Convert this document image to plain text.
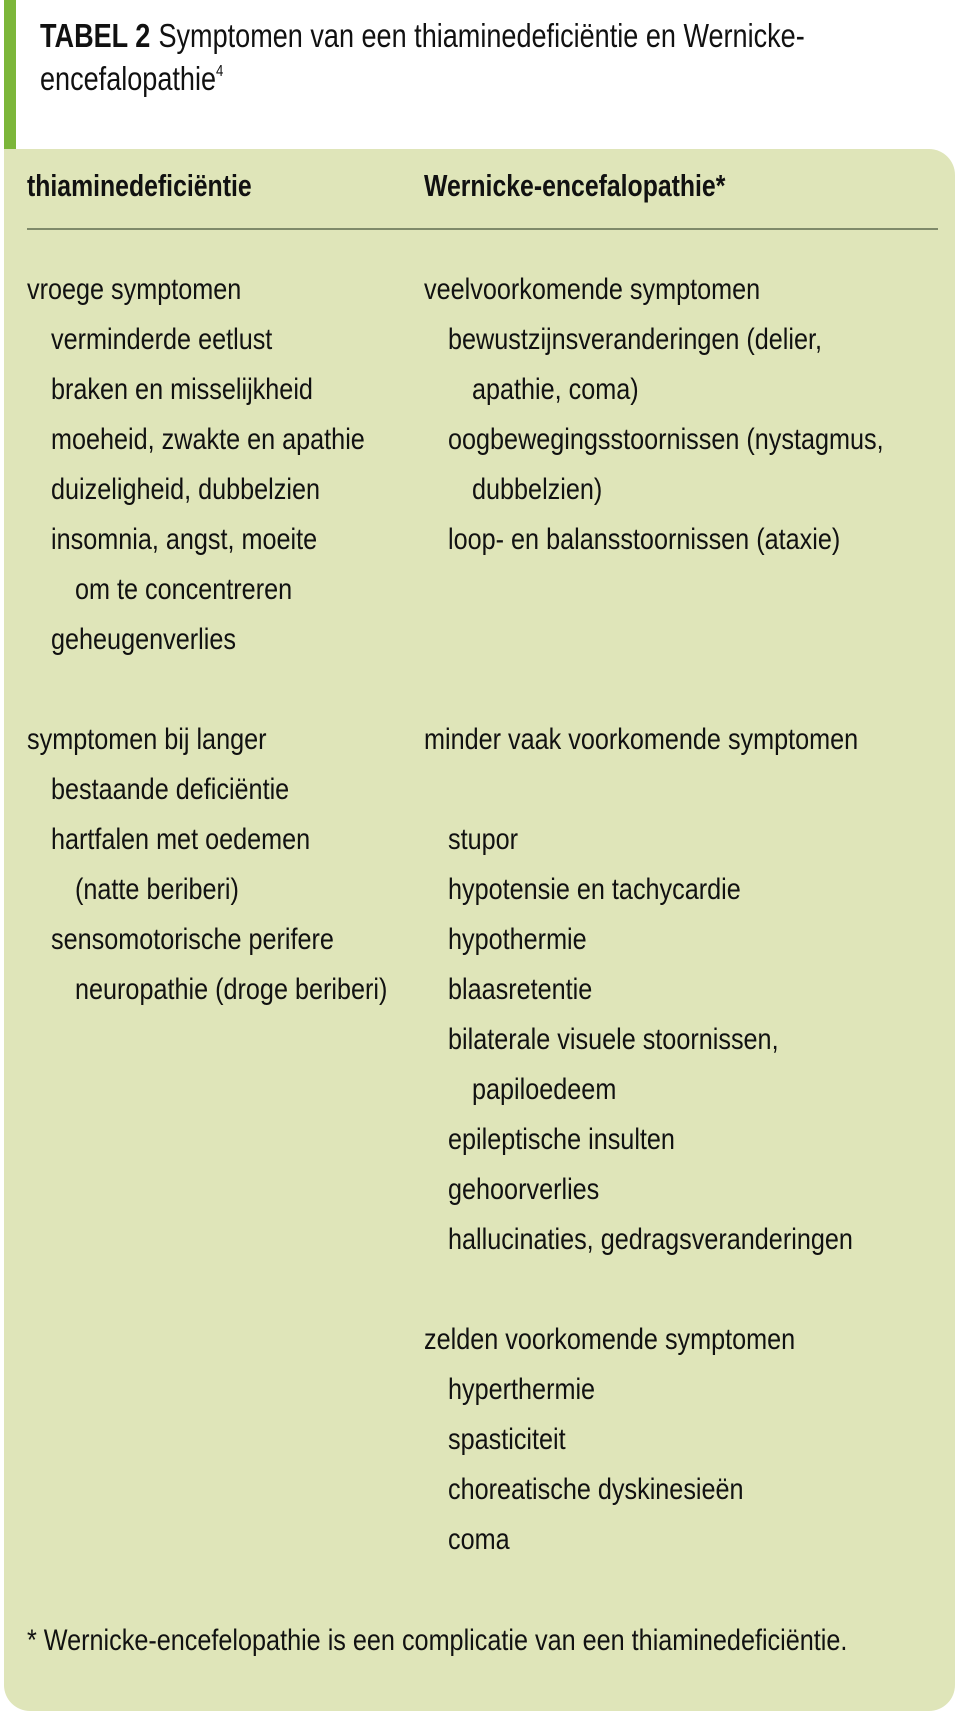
TABEL 2 Symptomen van een thiaminedeficiëntie en Wernicke-
encefalopathie$^4$
thiaminedeficiëntie	Wernicke-encefalopathie*
vroege symptomen
verminderde eetlust
braken en misselijkheid
moeheid, zwakte en apathie
duizeligheid, dubbelzien
insomnia, angst, moeite
om te concentreren
geheugenverlies
symptomen bij langer
bestaande deficiëntie
hartfalen met oedemen
(natte beriberi)
sensomotorische perifere
neuropathie (droge beriberi)
veelvoorkomende symptomen
bewustzijnsveranderingen (delier,
apathie, coma)
oogbewegingsstoornissen (nystagmus,
dubbelzien)
loop- en balansstoornissen (ataxie)
minder vaak voorkomende symptomen
stupor
hypotensie en tachycardie
hypothermie
blaasretentie
bilaterale visuele stoornissen,
papiloedeem
epileptische insulten
gehoorverlies
hallucinaties, gedragsveranderingen
zelden voorkomende symptomen
hyperthermie
spasticiteit
choreatische dyskinesieën
coma
* Wernicke-encefelopathie is een complicatie van een thiaminedeficiëntie.
